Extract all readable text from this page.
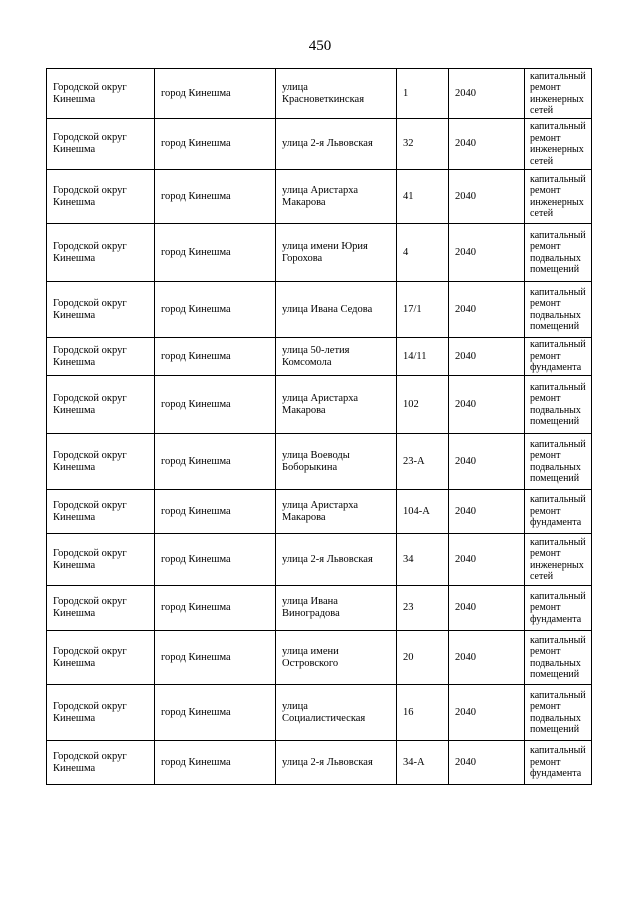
450
Городской округ Кинешма	город Кинешма	улица Красноветкинская	1	2040	капитальный ремонт инженерных сетей
Городской округ Кинешма	город Кинешма	улица 2-я Львовская	32	2040	капитальный ремонт инженерных сетей
Городской округ Кинешма	город Кинешма	улица Аристарха Макарова	41	2040	капитальный ремонт инженерных сетей
Городской округ Кинешма	город Кинешма	улица имени Юрия Горохова	4	2040	капитальный ремонт подвальных помещений
Городской округ Кинешма	город Кинешма	улица Ивана Седова	17/1	2040	капитальный ремонт подвальных помещений
Городской округ Кинешма	город Кинешма	улица 50-летия Комсомола	14/11	2040	капитальный ремонт фундамента
Городской округ Кинешма	город Кинешма	улица Аристарха Макарова	102	2040	капитальный ремонт подвальных помещений
Городской округ Кинешма	город Кинешма	улица Воеводы Боборыкина	23-А	2040	капитальный ремонт подвальных помещений
Городской округ Кинешма	город Кинешма	улица Аристарха Макарова	104-А	2040	капитальный ремонт фундамента
Городской округ Кинешма	город Кинешма	улица 2-я Львовская	34	2040	капитальный ремонт инженерных сетей
Городской округ Кинешма	город Кинешма	улица Ивана Виноградова	23	2040	капитальный ремонт фундамента
Городской округ Кинешма	город Кинешма	улица имени Островского	20	2040	капитальный ремонт подвальных помещений
Городской округ Кинешма	город Кинешма	улица Социалистическая	16	2040	капитальный ремонт подвальных помещений
Городской округ Кинешма	город Кинешма	улица 2-я Львовская	34-А	2040	капитальный ремонт фундамента
